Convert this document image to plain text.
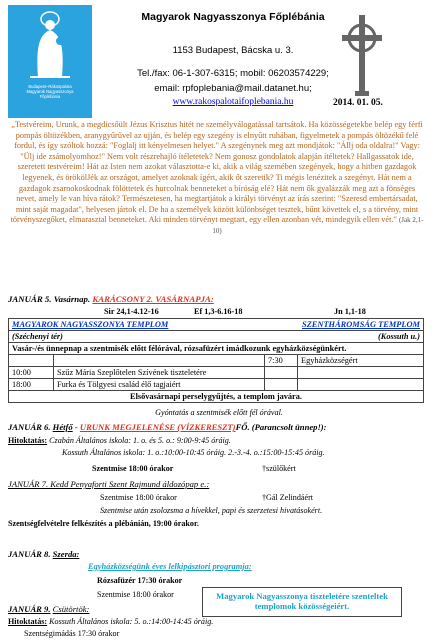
Budapest–Rákospalota
Magyarok Nagyasszonya
Főplébánia
Magyarok Nagyasszonya Főplébánia
1153 Budapest, Bácska u. 3.
Tel./fax: 06-1-307-6315; mobil: 06203574229;
email: rpfoplebania@mail.datanet.hu;
www.rakospalotaifoplebania.hu	2014. 01. 05.
„Testvéreim, Urunk, a megdicsőült Jézus Krisztus hitét ne személyválogatással tartsátok. Ha közösségetekbe belép egy férfi pompás öltözékben, aranygyűrűvel az ujján, és belép egy szegény is elnyűtt ruhában, figyelmetek a pompás öltözékű felé fordul, és így szóltok hozzá: "Foglalj itt kényelmesen helyet." A szegénynek meg azt mondjátok: "Állj oda oldalra!" Vagy: "Ülj ide zsámolyomhoz!" Nem volt részrehajló ítéletetek? Nem gonosz gondolatok alapján ítéltetek? Hallgassatok ide, szeretett testvéreim! Hát az Isten nem azokat választotta-e ki, akik a világ szemében szegények, hogy a hitben gazdagok legyenek, és örökölJék az országot, amelyet azoknak ígért, akik őt szeretik? Ti mégis lenézitek a szegényt. Hát nem a gazdagok zsarnokoskodnak fölöttetek és hurcolnak benneteket a bíróság elé? Hát nem ők gyalázzák meg azt a fönséges nevet, amely le van híva rátok? Természetesen, ha megtartjátok a királyi törvényt az írás szerint: "Szeresd embertársadat, mint saját magadat", helyesen jártok el. De ha a személyek között különbséget tesztek, bűnt követtek el, s a törvény, mint törvényszegőket, elmarasztal benneteket. Aki minden törvényt megtart, egy ellen azonban vét, mindegyik ellen vét." (Jak 2,1-10)
JANUÁR 5. Vasárnap. KARÁCSONY 2. VASÁRNAPJA:
Sir 24,1-4.12-16	Ef 1,3-6.16-18	Jn 1,1-18
MAGYAROK NAGYASSZONYA TEMPLOM		SZENTHÁROMSÁG TEMPLOM	
(Széchenyi tér)		(Kossuth u.)	
Vasár-/és ünnepnap a szentmisék előtt félórával, rózsafüzért imádkozunk egyházközségünkért.			
		7:30	Egyházközségért
10:00	Szűz Mária Szeplőtelen Szívének tiszteletére		
18:00	Furka és Tölgyesi család élő tagjaiért		
Elsővasárnapi perselygyűjtés, a templom javára.			
Gyóntatás a szentmisék előtt fél órával.
JANUÁR 6. Hétfő - URUNK MEGJELENÉSE (VÍZKERESZT)FŐ. (Parancsolt ünnep!):
Hitoktatás: Czabán Általános iskola: 1. o. és 5. o.: 9:00-9:45 óráig.
Kossuth Általános iskola: 1. o.:10:00-10:45 óráig. 2.-3.-4. o.:15:00-15:45 óráig.
Szentmise 18:00 órakor	†szülőkért
JANUÁR 7. Kedd Penyaforti Szent Rajmund áldozópap e.:
Szentmise 18:00 órakor	†Gál Zelindáért
Szentmise után zsolozsma a hívekkel, papi és szerzetesi hivatásokért.
Szentségfelvételre felkészítés a plébánián, 19:00 órakor.
JANUÁR 8. Szerda:
Egyházközségünk éves lelkipásztori programja:
Rózsafüzér 17:30 órakor
Szentmise 18:00 órakor	Magyarok Nagyasszonya tiszteletére szenteltek templomok közösségeiért.
JANUÁR 9. Csütörtök:
Hitoktatás: Kossuth Általános iskola: 5. o.:14:00-14:45 óráig.
Szentségimádás 17:30 órakor
